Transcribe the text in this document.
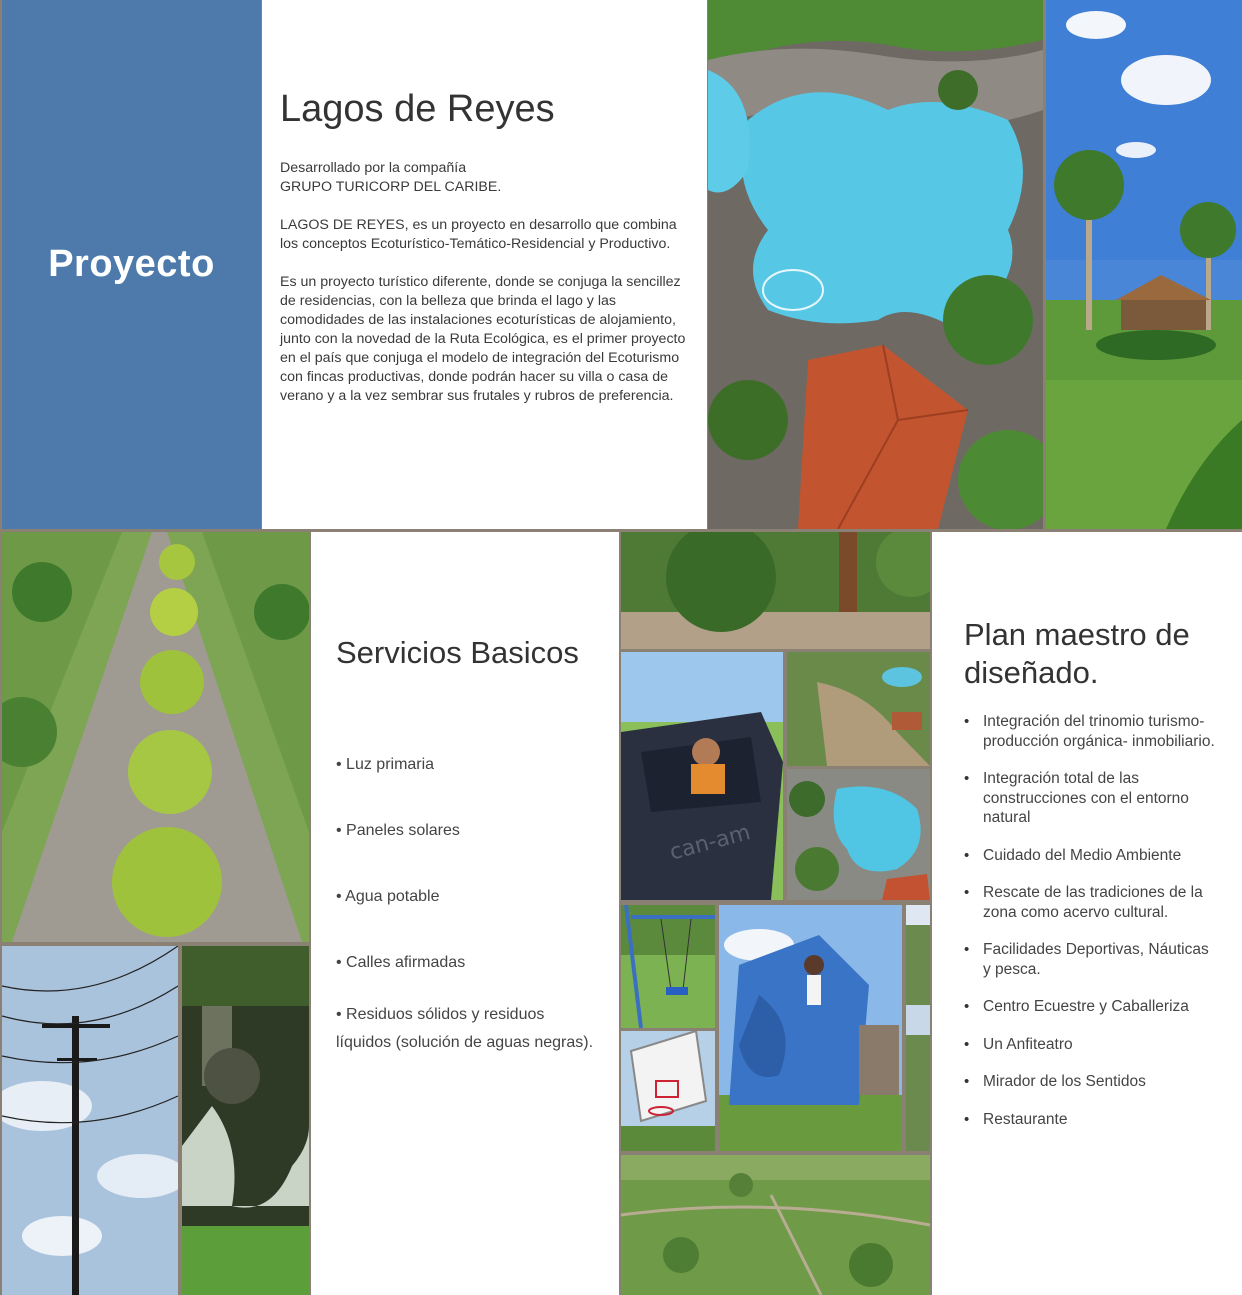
Proyecto
Lagos de Reyes

Desarrollado por la compañía
GRUPO TURICORP DEL CARIBE.

LAGOS DE REYES, es un proyecto en desarrollo que combina los conceptos Ecoturístico-Temático-Residencial y Productivo.

Es un proyecto turístico diferente, donde se conjuga la sencillez de residencias, con la belleza que brinda el lago y las comodidades de las instalaciones ecoturísticas de alojamiento, junto con la novedad de la Ruta Ecológica, es el primer proyecto en el país que conjuga el modelo de integración del Ecoturismo con fincas productivas, donde podrán hacer su villa o casa de verano y a la vez sembrar sus frutales y rubros de preferencia.

can-am
Servicios Basicos

• Luz primaria

• Paneles solares

• Agua potable

• Calles afirmadas

• Residuos sólidos y residuos líquidos (solución de aguas negras).

Plan maestro de diseñado.
• Integración del trinomio turismo- producción orgánica- inmobiliario.
• Integración total de las construcciones con el entorno natural
• Cuidado del Medio Ambiente
• Rescate de las tradiciones de la zona como acervo cultural.
• Facilidades Deportivas, Náuticas y pesca.
• Centro Ecuestre y Caballeriza
• Un Anfiteatro
• Mirador de los Sentidos
• Restaurante
